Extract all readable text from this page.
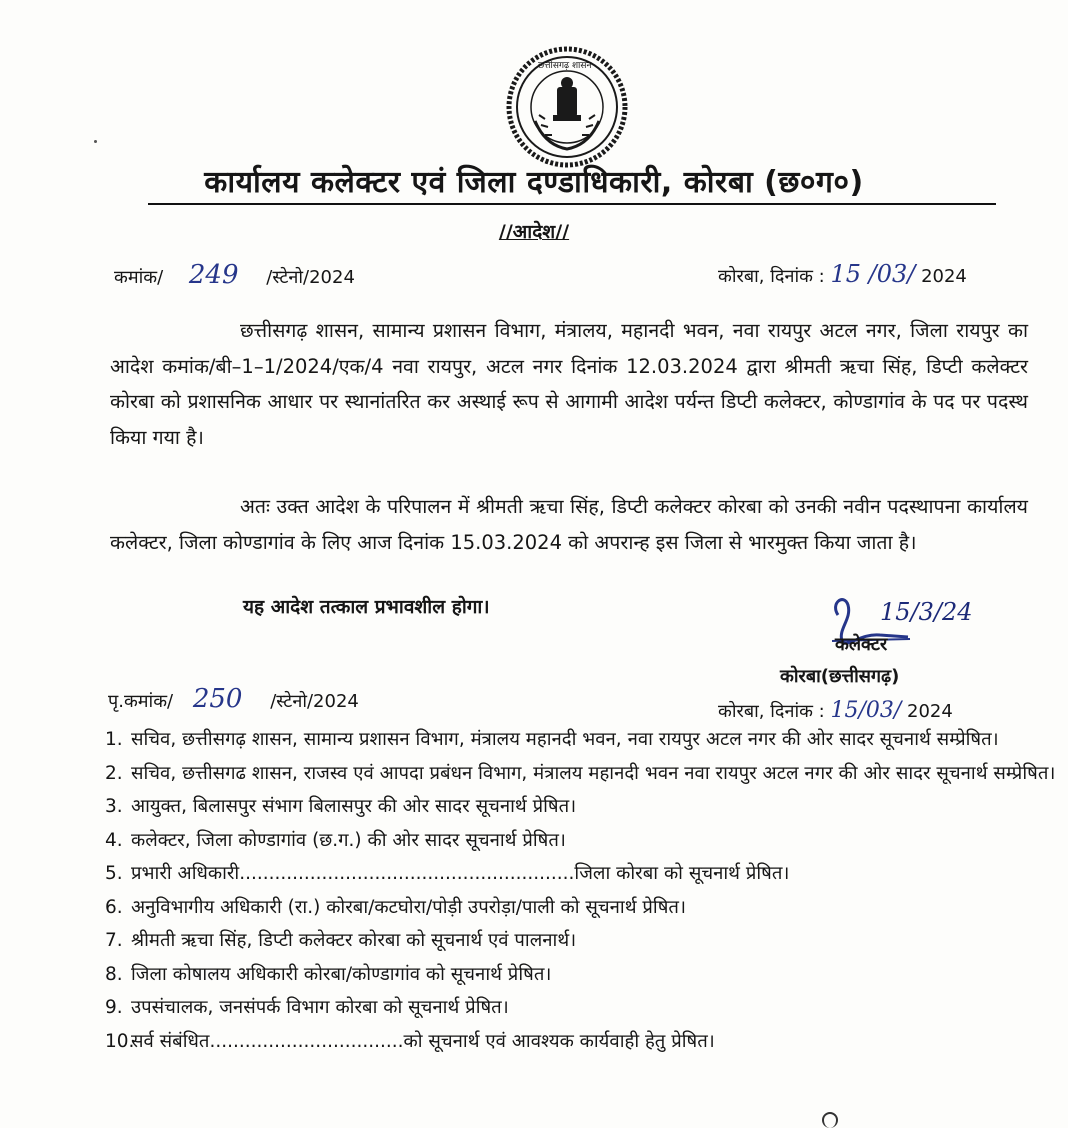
छत्तीसगढ़ शासन
कार्यालय कलेक्टर एवं जिला दण्डाधिकारी, कोरबा (छ०ग०)
//आदेश//
कमांक/ 249 /स्टेनो/2024	कोरबा, दिनांक : 15 /03/ 2024
छत्तीसगढ़ शासन, सामान्य प्रशासन विभाग, मंत्रालय, महानदी भवन, नवा रायपुर अटल नगर, जिला रायपुर का आदेश कमांक/बी–1–1/2024/एक/4 नवा रायपुर, अटल नगर दिनांक 12.03.2024 द्वारा श्रीमती ऋचा सिंह, डिप्टी कलेक्टर कोरबा को प्रशासनिक आधार पर स्थानांतरित कर अस्थाई रूप से आगामी आदेश पर्यन्त डिप्टी कलेक्टर, कोण्डागांव के पद पर पदस्थ किया गया है।
अतः उक्त आदेश के परिपालन में श्रीमती ऋचा सिंह, डिप्टी कलेक्टर कोरबा को उनकी नवीन पदस्थापना कार्यालय कलेक्टर, जिला कोण्डागांव के लिए आज दिनांक 15.03.2024 को अपरान्ह इस जिला से भारमुक्त किया जाता है।
यह आदेश तत्काल प्रभावशील होगा।	15/3/24
कलेक्टर
कोरबा(छत्तीसगढ़)
पृ.कमांक/ 250 /स्टेनो/2024	कोरबा, दिनांक : 15/03/ 2024
1. सचिव, छत्तीसगढ़ शासन, सामान्य प्रशासन विभाग, मंत्रालय महानदी भवन, नवा रायपुर अटल नगर की ओर सादर सूचनार्थ सम्प्रेषित।
2. सचिव, छत्तीसगढ शासन, राजस्व एवं आपदा प्रबंधन विभाग, मंत्रालय महानदी भवन नवा रायपुर अटल नगर की ओर सादर सूचनार्थ सम्प्रेषित।
3. आयुक्त, बिलासपुर संभाग बिलासपुर की ओर सादर सूचनार्थ प्रेषित।
4. कलेक्टर, जिला कोण्डागांव (छ.ग.) की ओर सादर सूचनार्थ प्रेषित।
5. प्रभारी अधिकारी.........................................................जिला कोरबा को सूचनार्थ प्रेषित।
6. अनुविभागीय अधिकारी (रा.) कोरबा/कटघोरा/पोड़ी उपरोड़ा/पाली को सूचनार्थ प्रेषित।
7. श्रीमती ऋचा सिंह, डिप्टी कलेक्टर कोरबा को सूचनार्थ एवं पालनार्थ।
8. जिला कोषालय अधिकारी कोरबा/कोण्डागांव को सूचनार्थ प्रेषित।
9. उपसंचालक, जनसंपर्क विभाग कोरबा को सूचनार्थ प्रेषित।
10.
सर्व संबंधित.................................को सूचनार्थ एवं आवश्यक कार्यवाही हेतु प्रेषित।
